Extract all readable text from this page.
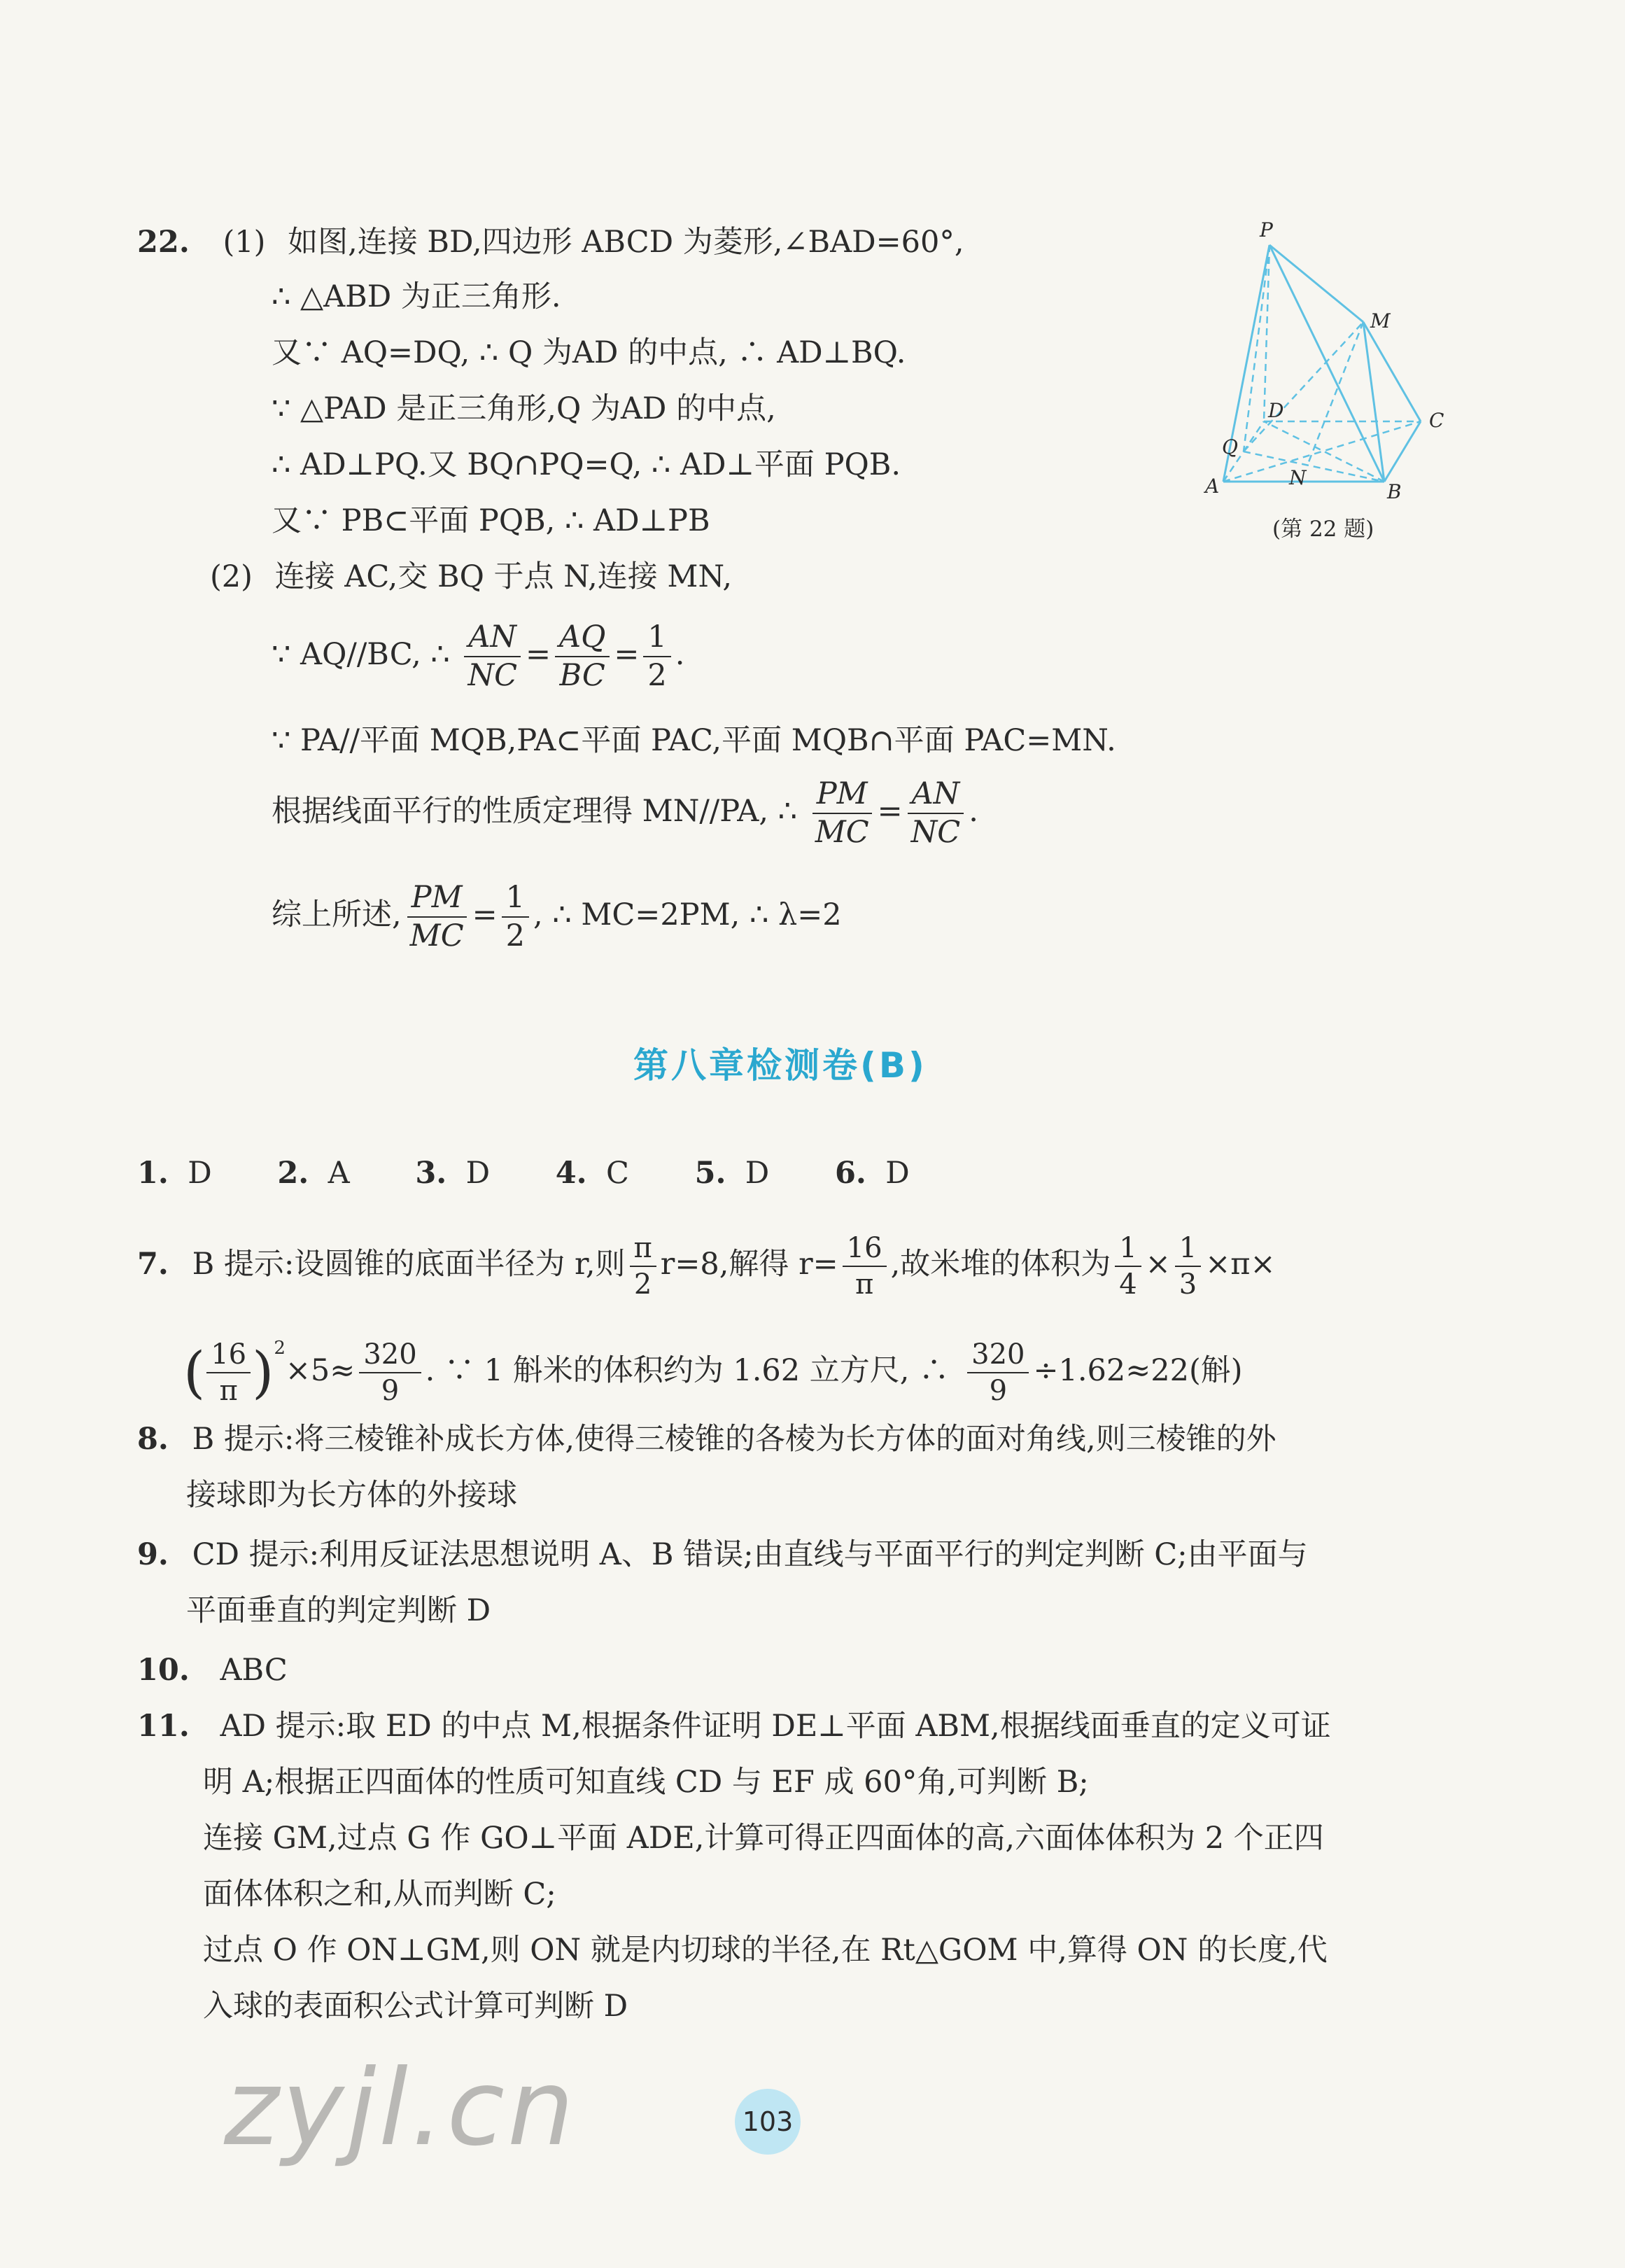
22. (1) 如图,连接 BD,四边形 ABCD 为菱形,∠BAD=60°,
∴ △ABD 为正三角形.
又∵ AQ=DQ, ∴ Q 为AD 的中点, ∴ AD⊥BQ.
∵ △PAD 是正三角形,Q 为AD 的中点,
∴ AD⊥PQ.又 BQ∩PQ=Q, ∴ AD⊥平面 PQB.
又∵ PB⊂平面 PQB, ∴ AD⊥PB
(2) 连接 AC,交 BQ 于点 N,连接 MN,
∵ AQ//BC, ∴ $\frac{AN}{NC} = \frac{AQ}{BC} = \frac{1}{2}$ .
∵ PA//平面 MQB,PA⊂平面 PAC,平面 MQB∩平面 PAC=MN.
根据线面平行的性质定理得 MN//PA, ∴ $\frac{PM}{MC} = \frac{AN}{NC}$ .
综上所述, $\frac{PM}{MC} = \frac{1}{2}$ , ∴ MC=2PM, ∴ λ=2
P
M
D	C
Q
N
A	B
(第 22 题)
第八章检测卷(B)
1. D 2. A 3. D 4. C 5. D 6. D
7. B 提示:设圆锥的底面半径为 r,则 $\frac{\pi}{2} r=8$,解得 $r= \frac{16}{\pi}$ ,故米堆的体积为 $\frac{1}{4} \times \frac{1}{3} \times\pi\times$
( $\frac{16}{\pi} )^2\times 5\approx \frac{320}{9}$ . ∵ 1 斛米的体积约为 1.62 立方尺, ∴ $\frac{320}{9} \div 1.62\approx 22$(斛)
8. B 提示:将三棱锥补成长方体,使得三棱锥的各棱为长方体的面对角线,则三棱锥的外
接球即为长方体的外接球
9. CD 提示:利用反证法思想说明 A、B 错误;由直线与平面平行的判定判断 C;由平面与
平面垂直的判定判断 D
10. ABC
11. AD 提示:取 ED 的中点 M,根据条件证明 DE⊥平面 ABM,根据线面垂直的定义可证
明 A;根据正四面体的性质可知直线 CD 与 EF 成 60°角,可判断 B;
连接 GM,过点 G 作 GO⊥平面 ADE,计算可得正四面体的高,六面体体积为 2 个正四
面体体积之和,从而判断 C;
过点 O 作 ON⊥GM,则 ON 就是内切球的半径,在 Rt△GOM 中,算得 ON 的长度,代
入球的表面积公式计算可判断 D
zyjl.cn	103
